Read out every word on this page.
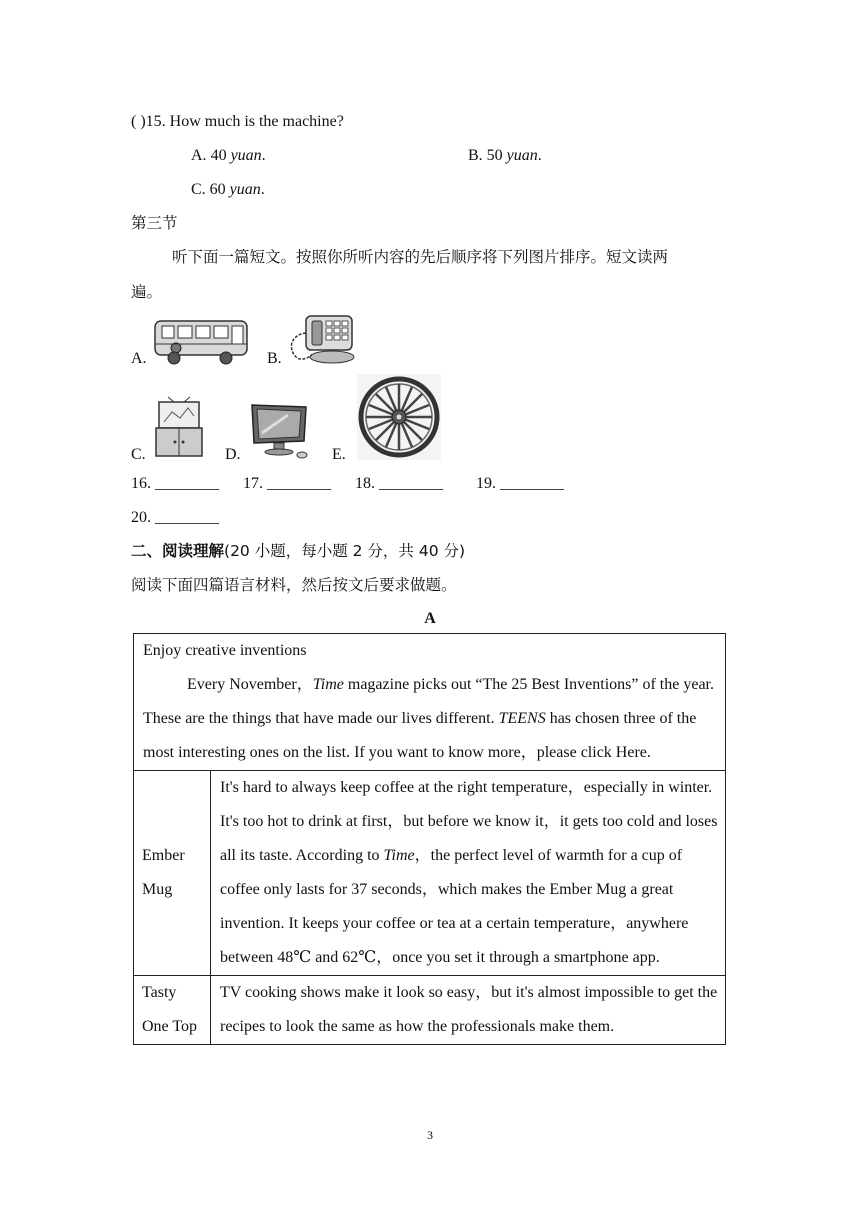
( )15. How much is the machine?
A. 40 yuan.	B. 50 yuan.
C. 60 yuan.
第三节
听下面一篇短文。按照你所听内容的先后顺序将下列图片排序。短文读两
遍。
A.	B.
C.	D.	E.
16. ________ 17. ________ 18. ________ 19. ________
20. ________
二、阅读理解(20 小题，每小题 2 分，共 40 分)
阅读下面四篇语言材料，然后按文后要求做题。
A
Enjoy creative inventions
Every November，Time magazine picks out “The 25 Best Inventions” of the year. These are the things that have made our lives different. TEENS has chosen three of the most interesting ones on the list. If you want to know more，please click Here.	

Ember Mug	It's hard to always keep coffee at the right temperature，especially in winter. It's too hot to drink at first，but before we know it，it gets too cold and loses all its taste. According to Time，the perfect level of warmth for a cup of coffee only lasts for 37 seconds，which makes the Ember Mug a great invention. It keeps your coffee or tea at a certain temperature，anywhere between 48℃ and 62℃，once you set it through a smartphone app.
Tasty One Top	TV cooking shows make it look so easy，but it's almost impossible to get the recipes to look the same as how the professionals make them.
3
